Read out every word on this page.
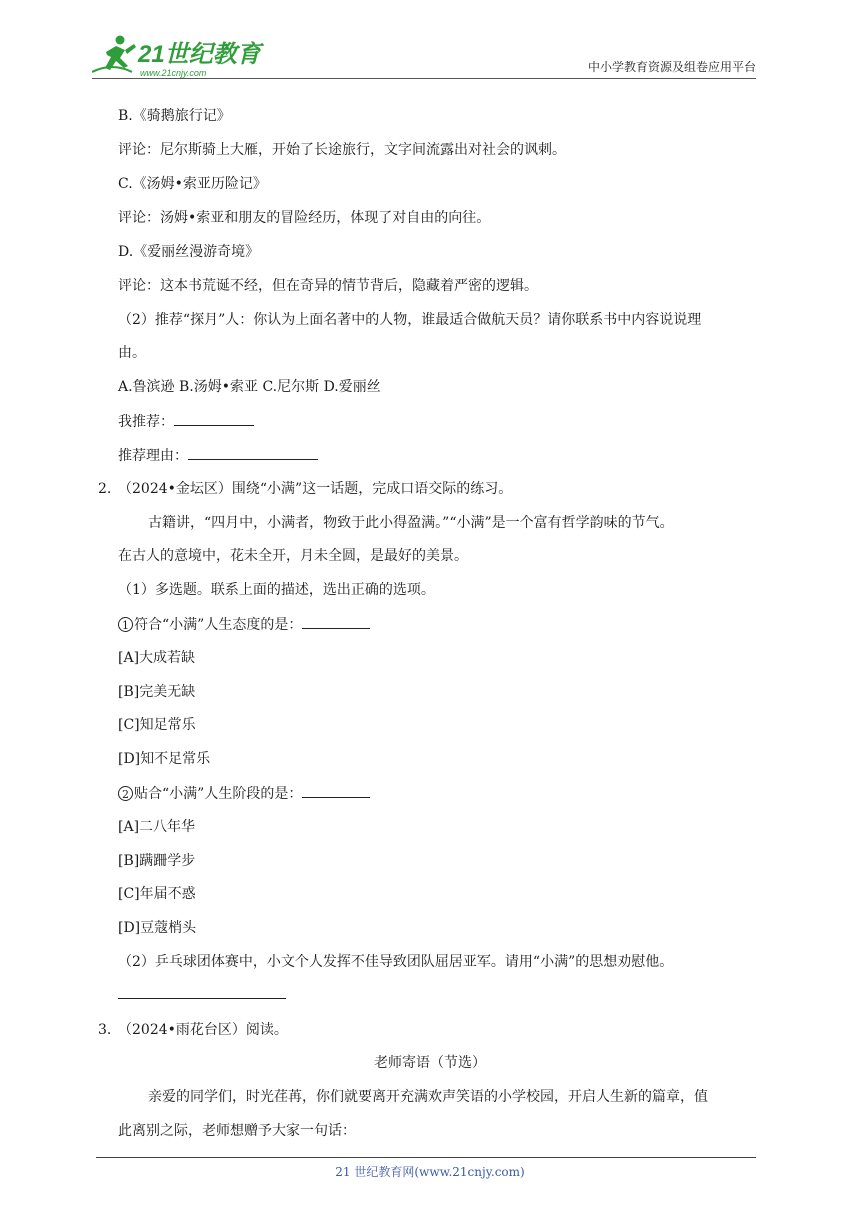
21世纪教育
www.21cnjy.com	中小学教育资源及组卷应用平台
B.《骑鹅旅行记》
评论：尼尔斯骑上大雁，开始了长途旅行，文字间流露出对社会的讽刺。
C.《汤姆•索亚历险记》
评论：汤姆•索亚和朋友的冒险经历，体现了对自由的向往。
D.《爱丽丝漫游奇境》
评论：这本书荒诞不经，但在奇异的情节背后，隐藏着严密的逻辑。
（2）推荐“探月”人：你认为上面名著中的人物，谁最适合做航天员？请你联系书中内容说说理
由。
A.鲁滨逊 B.汤姆•索亚 C.尼尔斯 D.爱丽丝
我推荐：
推荐理由：
2. （2024•金坛区）围绕“小满”这一话题，完成口语交际的练习。
古籍讲，“四月中，小满者，物致于此小得盈满。”“小满”是一个富有哲学韵味的节气。
在古人的意境中，花未全开，月未全圆，是最好的美景。
（1）多选题。联系上面的描述，选出正确的选项。
1 符合“小满”人生态度的是：
[A]大成若缺
[B]完美无缺
[C]知足常乐
[D]知不足常乐
2 贴合“小满”人生阶段的是：
[A]二八年华
[B]蹒跚学步
[C]年届不惑
[D]豆蔻梢头
（2）乒乓球团体赛中，小文个人发挥不佳导致团队屈居亚军。请用“小满”的思想劝慰他。
3. （2024•雨花台区）阅读。
老师寄语（节选）
亲爱的同学们，时光荏苒，你们就要离开充满欢声笑语的小学校园，开启人生新的篇章，值
此离别之际，老师想赠予大家一句话：
21 世纪教育网(www.21cnjy.com)
